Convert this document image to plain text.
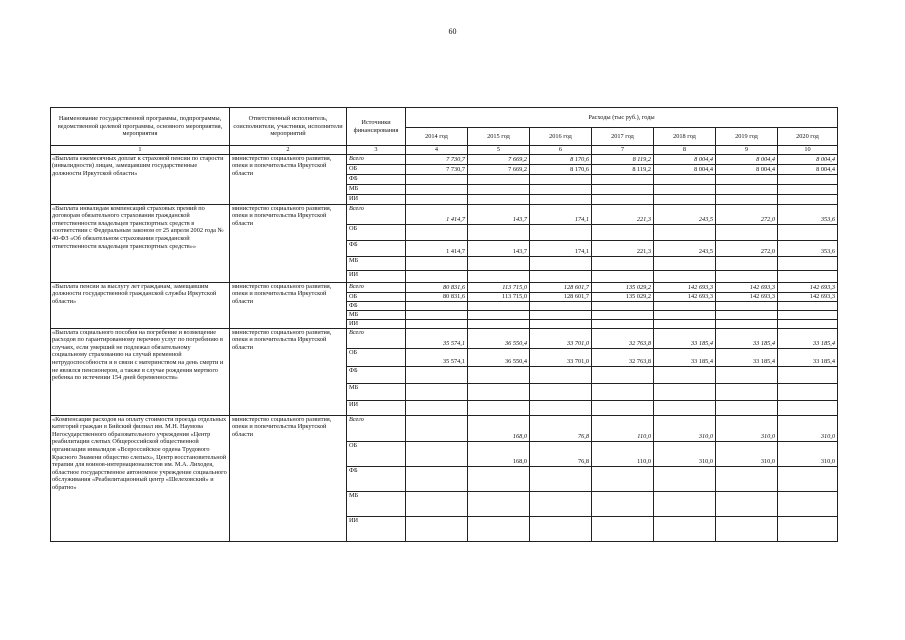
60
Наименование государственной программы, подпрограммы, ведомственной целевой программы, основного мероприятия, мероприятия	Ответственный исполнитель, соисполнители, участники, исполнители мероприятий	Источники финансирования	Расходы (тыс руб.), годы						
			2014 год	2015 год	2016 год	2017 год	2018 год	2019 год	2020 год
1	2	3	4	5	6	7	8	9	10
«Выплата ежемесячных доплат к страховой пенсии по старости (инвалидности) лицам, замещавшим государственные должности Иркутской области»	министерство социального развития, опеки и попечительства Иркутской области	Всего	7 730,7	7 669,2	8 170,6	8 119,2	8 004,4	8 004,4	8 004,4
		ОБ	7 730,7	7 669,2	8 170,6	8 119,2	8 004,4	8 004,4	8 004,4
		ФБ							
		МБ							
		ИИ							
«Выплата инвалидам компенсаций страховых премий по договорам обязательного страхования гражданской ответственности владельцев транспортных средств в соответствии с Федеральным законом от 25 апреля 2002 года № 40-ФЗ «Об обязательном страховании гражданской ответственности владельцев транспортных средств»»	министерство социального развития, опеки и попечительства Иркутской области	Всего	1 414,7	143,7	174,1	221,3	243,5	272,0	353,6
		ОБ							
		ФБ	1 414,7	143,7	174,1	221,3	243,5	272,0	353,6
		МБ							
		ИИ							
«Выплата пенсии за выслугу лет гражданам, замещавшим должности государственной гражданской службы Иркутской области»	министерство социального развития, опеки и попечительства Иркутской области	Всего	80 831,6	113 715,0	128 601,7	135 029,2	142 693,3	142 693,3	142 693,3
		ОБ	80 831,6	113 715,0	128 601,7	135 029,2	142 693,3	142 693,3	142 693,3
		ФБ							
		МБ							
		ИИ							
«Выплата социального пособия на погребение и возмещение расходов по гарантированному перечню услуг по погребению в случаях, если умерший не подлежал обязательному социальному страхованию на случай временной нетрудоспособности и в связи с материнством на день смерти и не являлся пенсионером, а также в случае рождения мертвого ребенка по истечении 154 дней беременности»	министерство социального развития, опеки и попечительства Иркутской области	Всего	35 574,1	36 550,4	33 701,0	32 763,8	33 185,4	33 185,4	33 185,4
		ОБ	35 574,1	36 550,4	33 701,0	32 763,8	33 185,4	33 185,4	33 185,4
		ФБ							
		МБ							
		ИИ							
«Компенсация расходов на оплату стоимости проезда отдельных категорий граждан в Бийский филиал им. М.Н. Наумова Негосударственного образовательного учреждения «Центр реабилитации слепых Общероссийской общественной организации инвалидов «Всероссийское ордена Трудового Красного Знамени общество слепых», Центр восстановительной терапии для воинов-интернационалистов им. М.А. Лиходея, областное государственное автономное учреждение социального обслуживания «Реабилитационный центр «Шелеховский» и обратно»	министерство социального развития, опеки и попечительства Иркутской области	Всего		168,0	76,8	110,0	310,0	310,0	310,0
		ОБ		168,0	76,8	110,0	310,0	310,0	310,0
		ФБ							
		МБ							
		ИИ							
